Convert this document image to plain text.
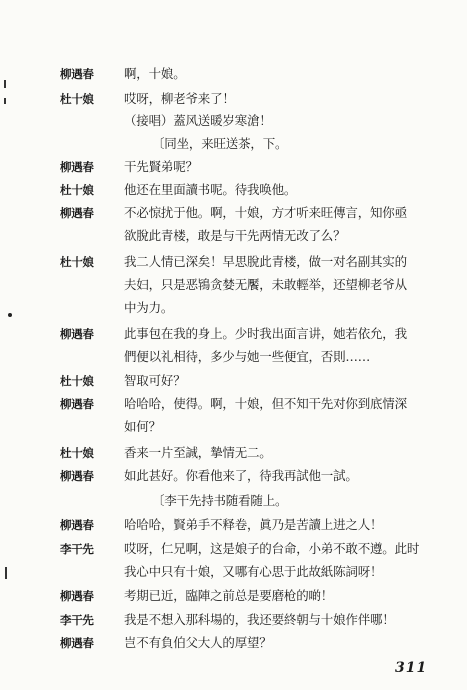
柳遇春 啊，十娘。
杜十娘 哎呀，柳老爷来了！
（接唱）蓋风送暖岁寒滄！
〔同坐，来旺送茶，下。
柳遇春 干先賢弟呢？
杜十娘 他还在里面讀书呢。待我唤他。
柳遇春 不必惊扰于他。啊，十娘，方才听来旺傳言，知你亟
欲脫此青楼，敢是与干先两情无改了么？
杜十娘 我二人情已深矣！早思脫此青楼，做一对名副其实的
夫妇，只是恶鴇贪婪无饜，未敢輕举，还望柳老爷从
中为力。
柳遇春 此事包在我的身上。少时我出面言讲，她若依允，我
們便以礼相待，多少与她一些便宜，否則……
杜十娘 智取可好？
柳遇春 哈哈哈，使得。啊，十娘，但不知干先对你到底情深
如何？
杜十娘 香来一片至誠，摯情无二。
柳遇春 如此甚好。你看他来了，待我再試他一試。
〔李干先持书随看随上。
柳遇春 哈哈哈，賢弟手不释卷，眞乃是苦讀上进之人！
李干先 哎呀，仁兄啊，这是娘子的台命，小弟不敢不遵。此时
我心中只有十娘，又哪有心思于此故紙陈詞呀！
柳遇春 考期已近，臨陣之前总是要磨枪的啲！
李干先 我是不想入那科場的，我还要終朝与十娘作伴哪！
柳遇春 岂不有負伯父大人的厚望？
311
